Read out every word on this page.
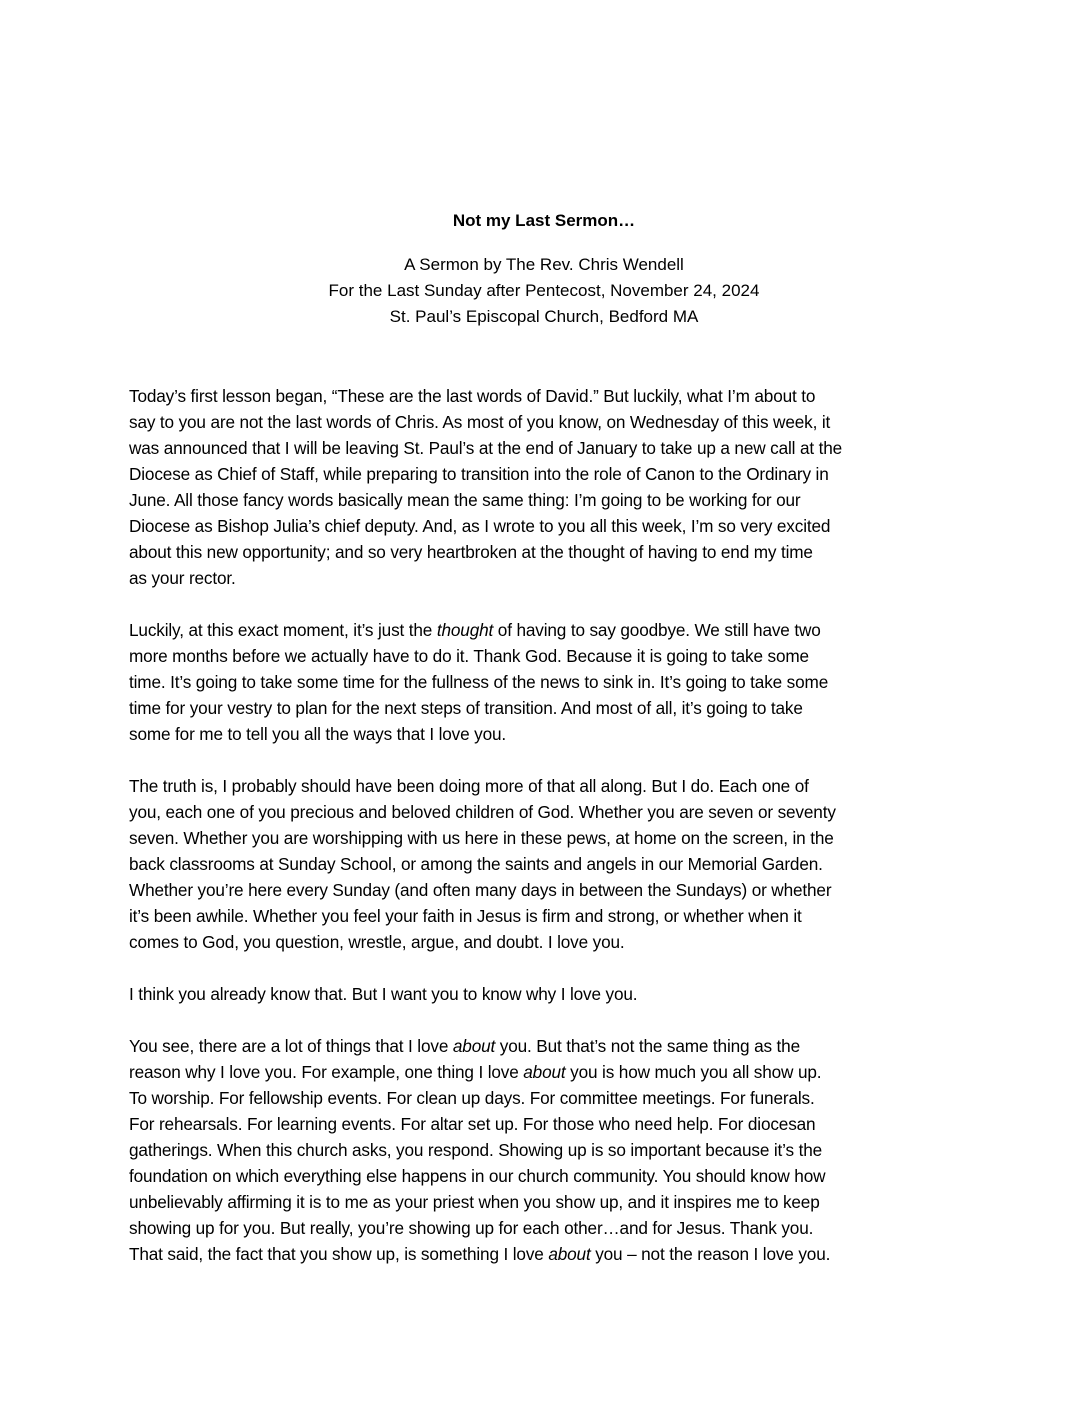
Not my Last Sermon…
A Sermon by The Rev. Chris Wendell
For the Last Sunday after Pentecost, November 24, 2024
St. Paul’s Episcopal Church, Bedford MA
Today’s first lesson began, “These are the last words of David.” But luckily, what I’m about to
say to you are not the last words of Chris. As most of you know, on Wednesday of this week, it
was announced that I will be leaving St. Paul’s at the end of January to take up a new call at the
Diocese as Chief of Staff, while preparing to transition into the role of Canon to the Ordinary in
June. All those fancy words basically mean the same thing: I’m going to be working for our
Diocese as Bishop Julia’s chief deputy. And, as I wrote to you all this week, I’m so very excited
about this new opportunity; and so very heartbroken at the thought of having to end my time
as your rector.
Luckily, at this exact moment, it’s just the thought of having to say goodbye. We still have two
more months before we actually have to do it. Thank God. Because it is going to take some
time. It’s going to take some time for the fullness of the news to sink in. It’s going to take some
time for your vestry to plan for the next steps of transition. And most of all, it’s going to take
some for me to tell you all the ways that I love you.
The truth is, I probably should have been doing more of that all along. But I do. Each one of
you, each one of you precious and beloved children of God. Whether you are seven or seventy
seven. Whether you are worshipping with us here in these pews, at home on the screen, in the
back classrooms at Sunday School, or among the saints and angels in our Memorial Garden.
Whether you’re here every Sunday (and often many days in between the Sundays) or whether
it’s been awhile. Whether you feel your faith in Jesus is firm and strong, or whether when it
comes to God, you question, wrestle, argue, and doubt. I love you.
I think you already know that. But I want you to know why I love you.
You see, there are a lot of things that I love about you. But that’s not the same thing as the
reason why I love you. For example, one thing I love about you is how much you all show up.
To worship. For fellowship events. For clean up days. For committee meetings. For funerals.
For rehearsals. For learning events. For altar set up. For those who need help. For diocesan
gatherings. When this church asks, you respond. Showing up is so important because it’s the
foundation on which everything else happens in our church community. You should know how
unbelievably affirming it is to me as your priest when you show up, and it inspires me to keep
showing up for you. But really, you’re showing up for each other…and for Jesus. Thank you.
That said, the fact that you show up, is something I love about you – not the reason I love you.
